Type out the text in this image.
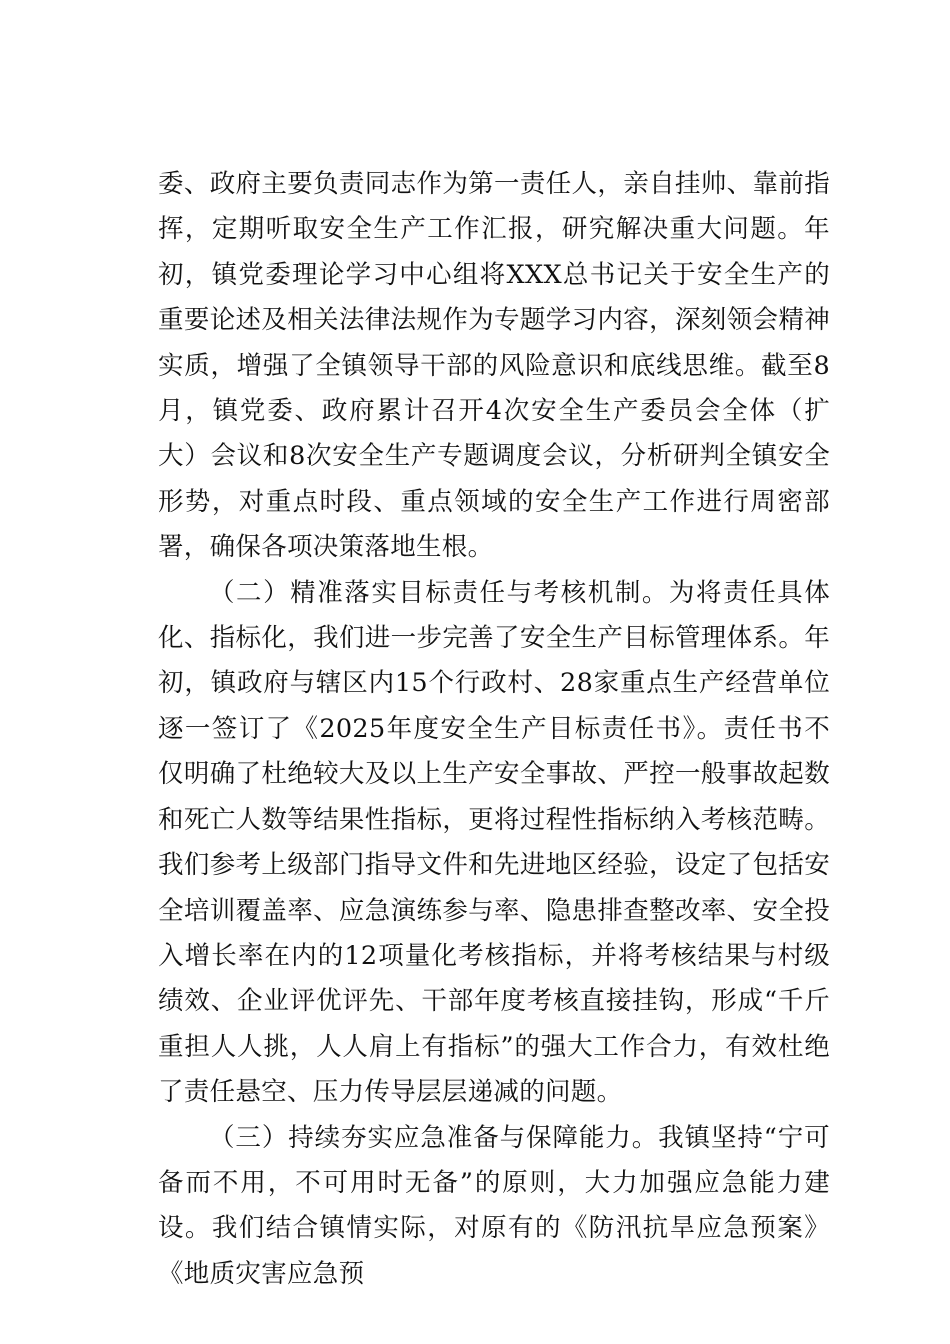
委、政府主要负责同志作为第一责任人，亲自挂帅、靠前指挥，定期听取安全生产工作汇报，研究解决重大问题。年初，镇党委理论学习中心组将XXX总书记关于安全生产的重要论述及相关法律法规作为专题学习内容，深刻领会精神实质，增强了全镇领导干部的风险意识和底线思维。截至8月，镇党委、政府累计召开4次安全生产委员会全体（扩大）会议和8次安全生产专题调度会议，分析研判全镇安全形势，对重点时段、重点领域的安全生产工作进行周密部署，确保各项决策落地生根。

（二）精准落实目标责任与考核机制。为将责任具体化、指标化，我们进一步完善了安全生产目标管理体系。年初，镇政府与辖区内15个行政村、28家重点生产经营单位逐一签订了《2025年度安全生产目标责任书》。责任书不仅明确了杜绝较大及以上生产安全事故、严控一般事故起数和死亡人数等结果性指标，更将过程性指标纳入考核范畴。我们参考上级部门指导文件和先进地区经验，设定了包括安全培训覆盖率、应急演练参与率、隐患排查整改率、安全投入增长率在内的12项量化考核指标，并将考核结果与村级绩效、企业评优评先、干部年度考核直接挂钩，形成“千斤重担人人挑，人人肩上有指标”的强大工作合力，有效杜绝了责任悬空、压力传导层层递减的问题。

（三）持续夯实应急准备与保障能力。我镇坚持“宁可备而不用，不可用时无备”的原则，大力加强应急能力建设。我们结合镇情实际，对原有的《防汛抗旱应急预案》《地质灾害应急预
